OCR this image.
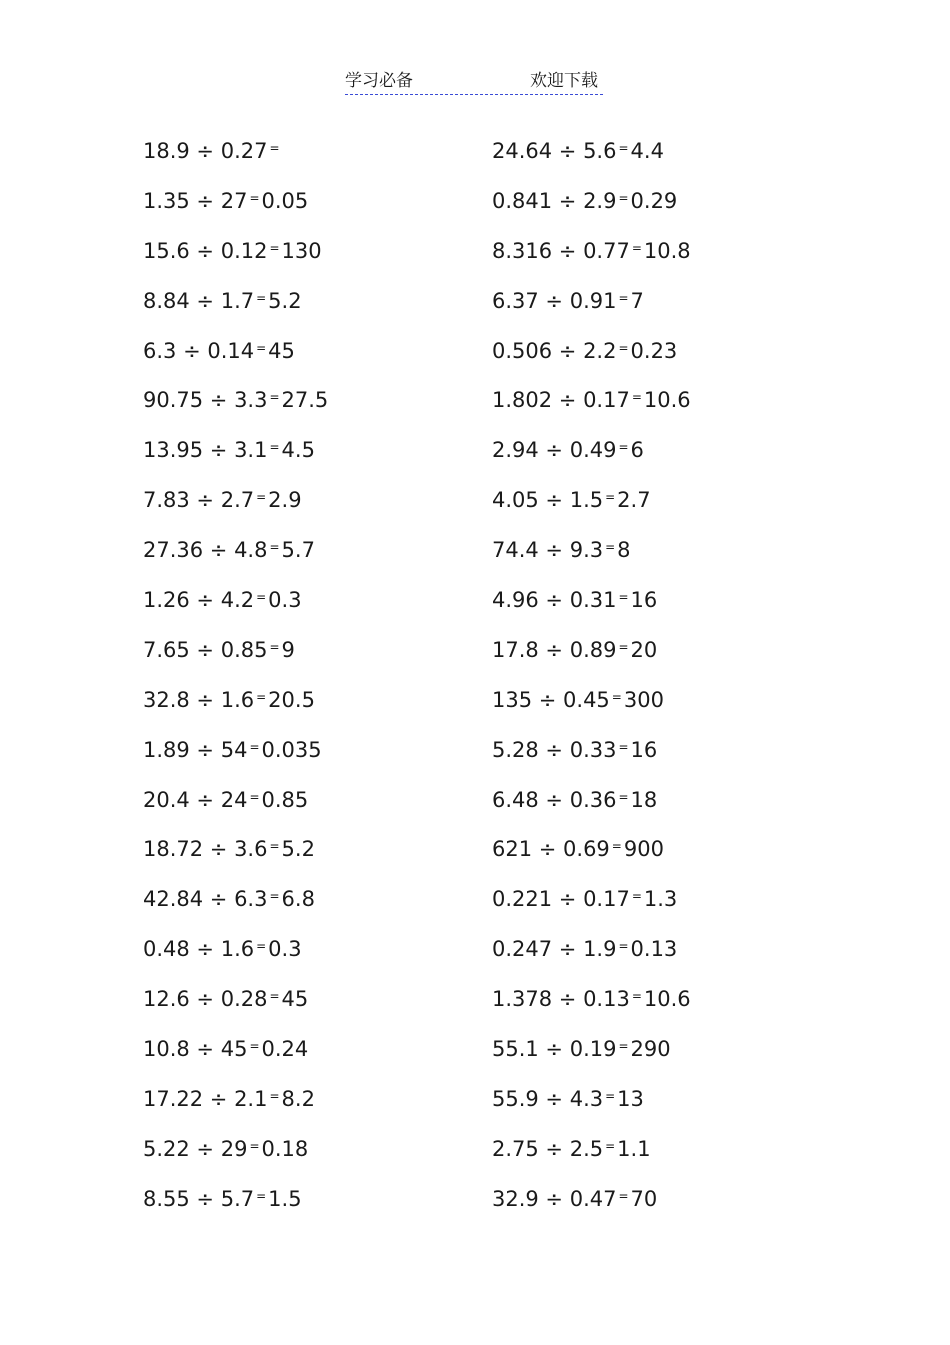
学习必备	欢迎下载
18.9 ÷ 0.27 =
1.35 ÷ 27 =0.05
15.6 ÷ 0.12 =130
8.84 ÷ 1.7 =5.2
6.3 ÷ 0.14 =45
90.75 ÷ 3.3 =27.5
13.95 ÷ 3.1 =4.5
7.83 ÷ 2.7 =2.9
27.36 ÷ 4.8 =5.7
1.26 ÷ 4.2 =0.3
7.65 ÷ 0.85 =9
32.8 ÷ 1.6 =20.5
1.89 ÷ 54 =0.035
20.4 ÷ 24 =0.85
18.72 ÷ 3.6 =5.2
42.84 ÷ 6.3 =6.8
0.48 ÷ 1.6 =0.3
12.6 ÷ 0.28 =45
10.8 ÷ 45 =0.24
17.22 ÷ 2.1 =8.2
5.22 ÷ 29 =0.18
8.55 ÷ 5.7 =1.5
24.64 ÷ 5.6 =4.4
0.841 ÷ 2.9 =0.29
8.316 ÷ 0.77 =10.8
6.37 ÷ 0.91 =7
0.506 ÷ 2.2 =0.23
1.802 ÷ 0.17 =10.6
2.94 ÷ 0.49 =6
4.05 ÷ 1.5 =2.7
74.4 ÷ 9.3 =8
4.96 ÷ 0.31 =16
17.8 ÷ 0.89 =20
135 ÷ 0.45 =300
5.28 ÷ 0.33 =16
6.48 ÷ 0.36 =18
621 ÷ 0.69 =900
0.221 ÷ 0.17 =1.3
0.247 ÷ 1.9 =0.13
1.378 ÷ 0.13 =10.6
55.1 ÷ 0.19 =290
55.9 ÷ 4.3 =13
2.75 ÷ 2.5 =1.1
32.9 ÷ 0.47 =70
